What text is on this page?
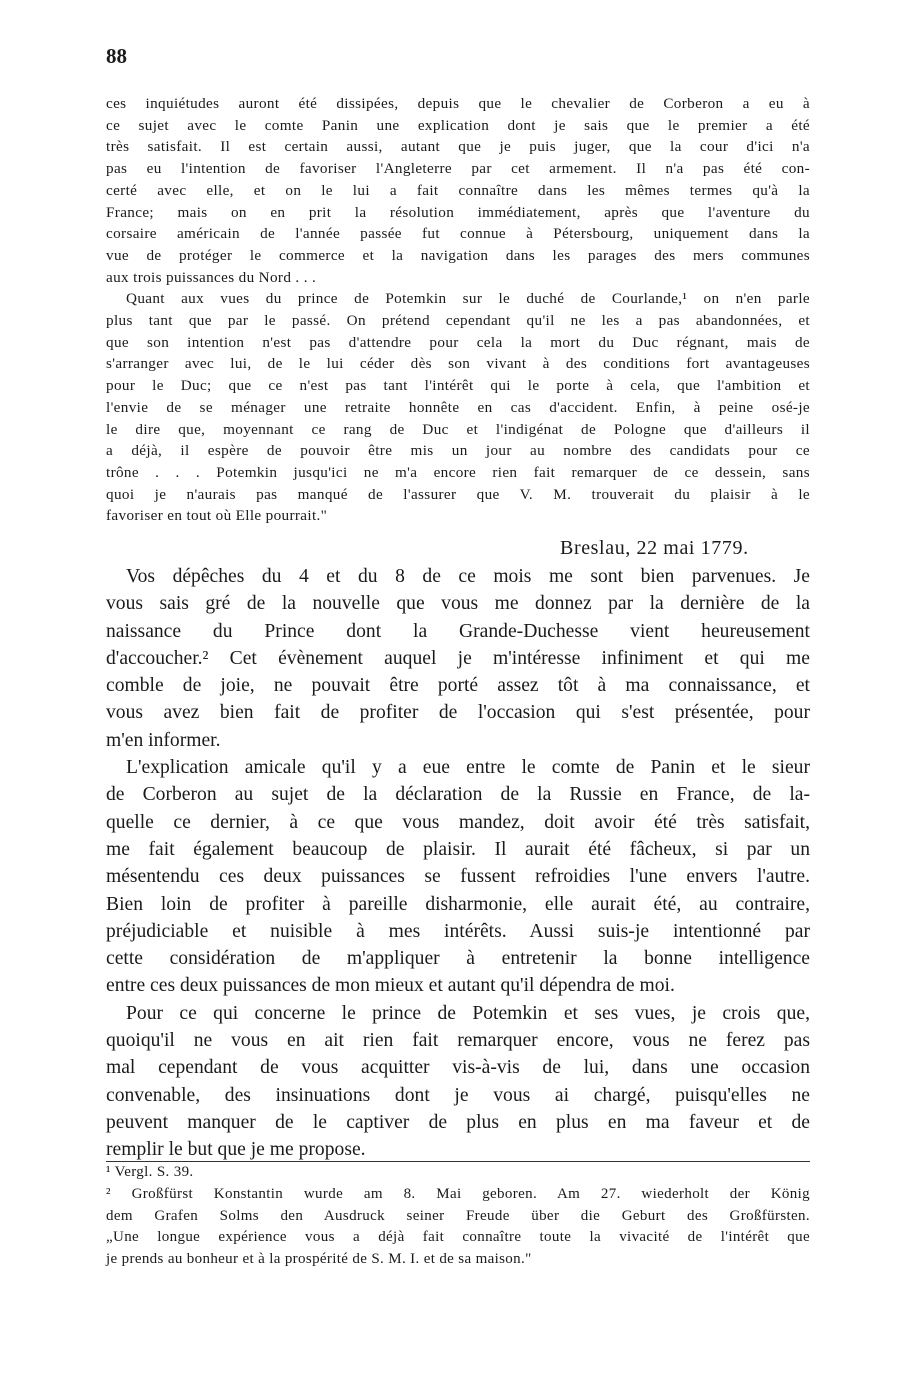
88

ces inquiétudes auront été dissipées, depuis que le chevalier de Corberon a eu àce sujet avec le comte Panin une explication dont je sais que le premier a ététrès satisfait. Il est certain aussi, autant que je puis juger, que la cour d'ici n'apas eu l'intention de favoriser l'Angleterre par cet armement. Il n'a pas été con-certé avec elle, et on le lui a fait connaître dans les mêmes termes qu'à laFrance; mais on en prit la résolution immédiatement, après que l'aventure ducorsaire américain de l'année passée fut connue à Pétersbourg, uniquement dans lavue de protéger le commerce et la navigation dans les parages des mers communesaux trois puissances du Nord . . .

Quant aux vues du prince de Potemkin sur le duché de Courlande,¹ on n'en parleplus tant que par le passé. On prétend cependant qu'il ne les a pas abandonnées, etque son intention n'est pas d'attendre pour cela la mort du Duc régnant, mais des'arranger avec lui, de le lui céder dès son vivant à des conditions fort avantageusespour le Duc; que ce n'est pas tant l'intérêt qui le porte à cela, que l'ambition etl'envie de se ménager une retraite honnête en cas d'accident. Enfin, à peine osé-jele dire que, moyennant ce rang de Duc et l'indigénat de Pologne que d'ailleurs ila déjà, il espère de pouvoir être mis un jour au nombre des candidats pour cetrône . . . Potemkin jusqu'ici ne m'a encore rien fait remarquer de ce dessein, sansquoi je n'aurais pas manqué de l'assurer que V. M. trouverait du plaisir à lefavoriser en tout où Elle pourrait."

Breslau, 22 mai 1779.

Vos dépêches du 4 et du 8 de ce mois me sont bien parvenues. Jevous sais gré de la nouvelle que vous me donnez par la dernière de lanaissance du Prince dont la Grande-Duchesse vient heureusementd'accoucher.² Cet évènement auquel je m'intéresse infiniment et qui mecomble de joie, ne pouvait être porté assez tôt à ma connaissance, etvous avez bien fait de profiter de l'occasion qui s'est présentée, pourm'en informer.

L'explication amicale qu'il y a eue entre le comte de Panin et le sieurde Corberon au sujet de la déclaration de la Russie en France, de la-quelle ce dernier, à ce que vous mandez, doit avoir été très satisfait,me fait également beaucoup de plaisir. Il aurait été fâcheux, si par unmésentendu ces deux puissances se fussent refroidies l'une envers l'autre.Bien loin de profiter à pareille disharmonie, elle aurait été, au contraire,préjudiciable et nuisible à mes intérêts. Aussi suis-je intentionné parcette considération de m'appliquer à entretenir la bonne intelligenceentre ces deux puissances de mon mieux et autant qu'il dépendra de moi.

Pour ce qui concerne le prince de Potemkin et ses vues, je crois que,quoiqu'il ne vous en ait rien fait remarquer encore, vous ne ferez pasmal cependant de vous acquitter vis-à-vis de lui, dans une occasionconvenable, des insinuations dont je vous ai chargé, puisqu'elles nepeuvent manquer de le captiver de plus en plus en ma faveur et deremplir le but que je me propose.

¹ Vergl. S. 39.

² Großfürst Konstantin wurde am 8. Mai geboren. Am 27. wiederholt der Königdem Grafen Solms den Ausdruck seiner Freude über die Geburt des Großfürsten.„Une longue expérience vous a déjà fait connaître toute la vivacité de l'intérêt queje prends au bonheur et à la prospérité de S. M. I. et de sa maison."
